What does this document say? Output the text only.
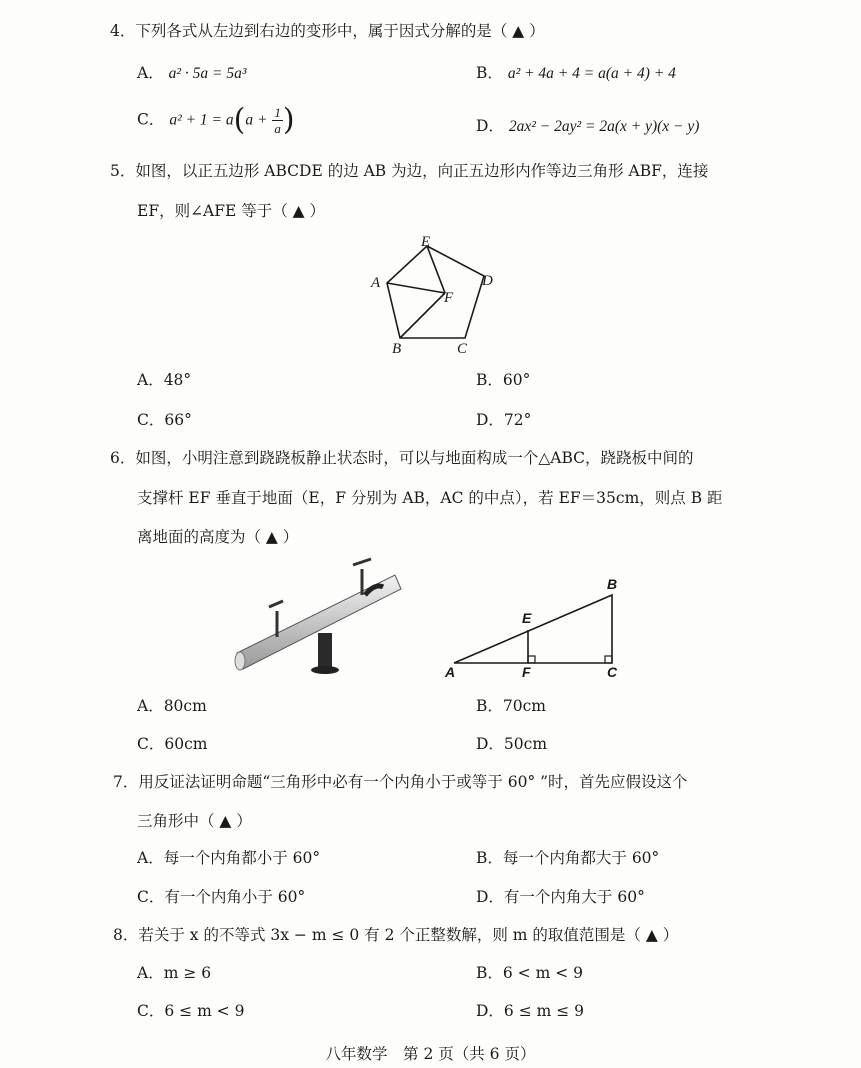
4．下列各式从左边到右边的变形中，属于因式分解的是（ ▲ ）
A． a² · 5a = 5a³	B． a² + 4a + 4 = a(a + 4) + 4
C． $a^2 + 1 = a(a + \frac{1}{a}$ )	D． 2ax² − 2ay² = 2a(x + y)(x − y)
5．如图，以正五边形 ABCDE 的边 AB 为边，向正五边形内作等边三角形 ABF，连接
EF，则∠AFE 等于（ ▲ ）
E
A	D
F
B	C
A．48°	B．60°
C．66°	D．72°
6．如图，小明注意到跷跷板静止状态时，可以与地面构成一个△ABC，跷跷板中间的
支撑杆 EF 垂直于地面（E，F 分别为 AB，AC 的中点），若 EF＝35cm，则点 B 距
离地面的高度为（ ▲ ）
A
B
C
E
F
A．80cm	B．70cm
C．60cm	D．50cm
7．用反证法证明命题“三角形中必有一个内角小于或等于 60° ”时，首先应假设这个
三角形中（ ▲ ）
A．每一个内角都小于 60°	B．每一个内角都大于 60°
C．有一个内角小于 60°	D．有一个内角大于 60°
8．若关于 x 的不等式 3x − m ≤ 0 有 2 个正整数解，则 m 的取值范围是（ ▲ ）
A．m ≥ 6	B．6 < m < 9
C．6 ≤ m < 9	D．6 ≤ m ≤ 9
八年数学　第 2 页（共 6 页）
